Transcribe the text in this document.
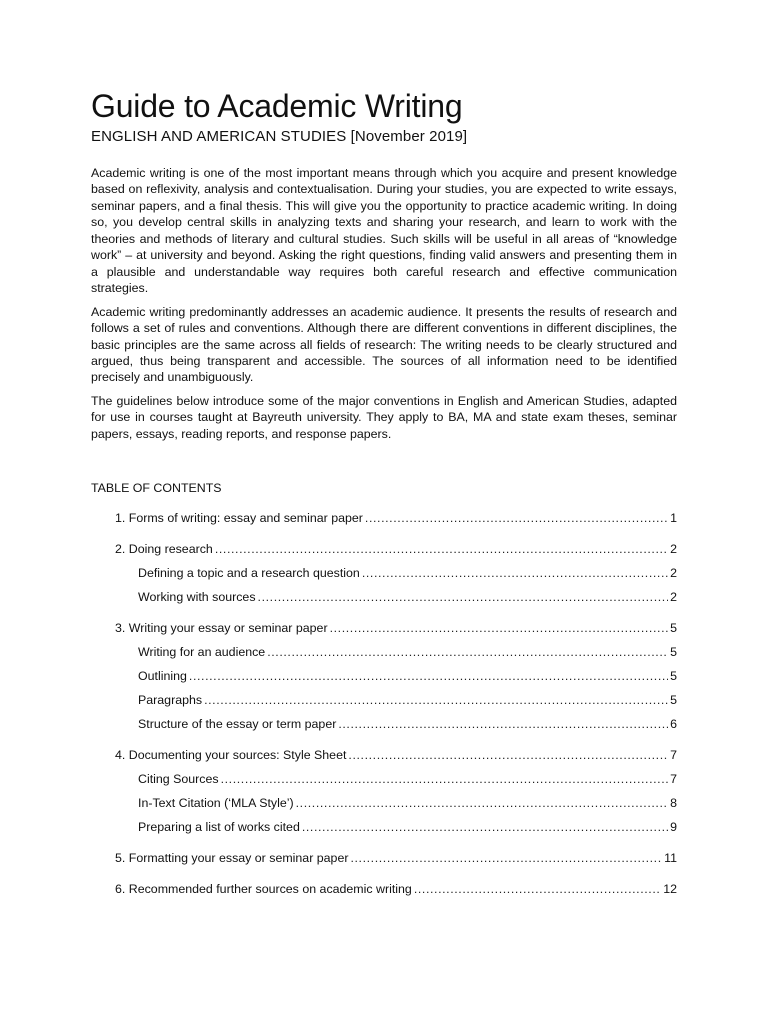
Guide to Academic Writing
ENGLISH AND AMERICAN STUDIES [November 2019]

Academic writing is one of the most important means through which you acquire and present knowledge based on reflexivity, analysis and contextualisation. During your studies, you are expected to write essays, seminar papers, and a final thesis. This will give you the opportunity to practice academic writing. In doing so, you develop central skills in analyzing texts and sharing your research, and learn to work with the theories and methods of literary and cultural studies. Such skills will be useful in all areas of “knowledge work” – at university and beyond. Asking the right questions, finding valid answers and presenting them in a plausible and understandable way requires both careful research and effective communication strategies.

Academic writing predominantly addresses an academic audience. It presents the results of research and follows a set of rules and conventions. Although there are different conventions in different disciplines, the basic principles are the same across all fields of research: The writing needs to be clearly structured and argued, thus being transparent and accessible. The sources of all information need to be identified precisely and unambiguously.

The guidelines below introduce some of the major conventions in English and American Studies, adapted for use in courses taught at Bayreuth university. They apply to BA, MA and state exam theses, seminar papers, essays, reading reports, and response papers.

TABLE OF CONTENTS
1. Forms of writing: essay and seminar paper .....	1
2. Doing research .....	2
Defining a topic and a research question .....	2
Working with sources .....	2
3. Writing your essay or seminar paper .....	5
Writing for an audience .....	5
Outlining .....	5
Paragraphs .....	5
Structure of the essay or term paper .....	6
4. Documenting your sources: Style Sheet .....	7
Citing Sources .....	7
In-Text Citation (‘MLA Style’) .....	8
Preparing a list of works cited .....	9
5. Formatting your essay or seminar paper .....	11
6. Recommended further sources on academic writing .....	12
